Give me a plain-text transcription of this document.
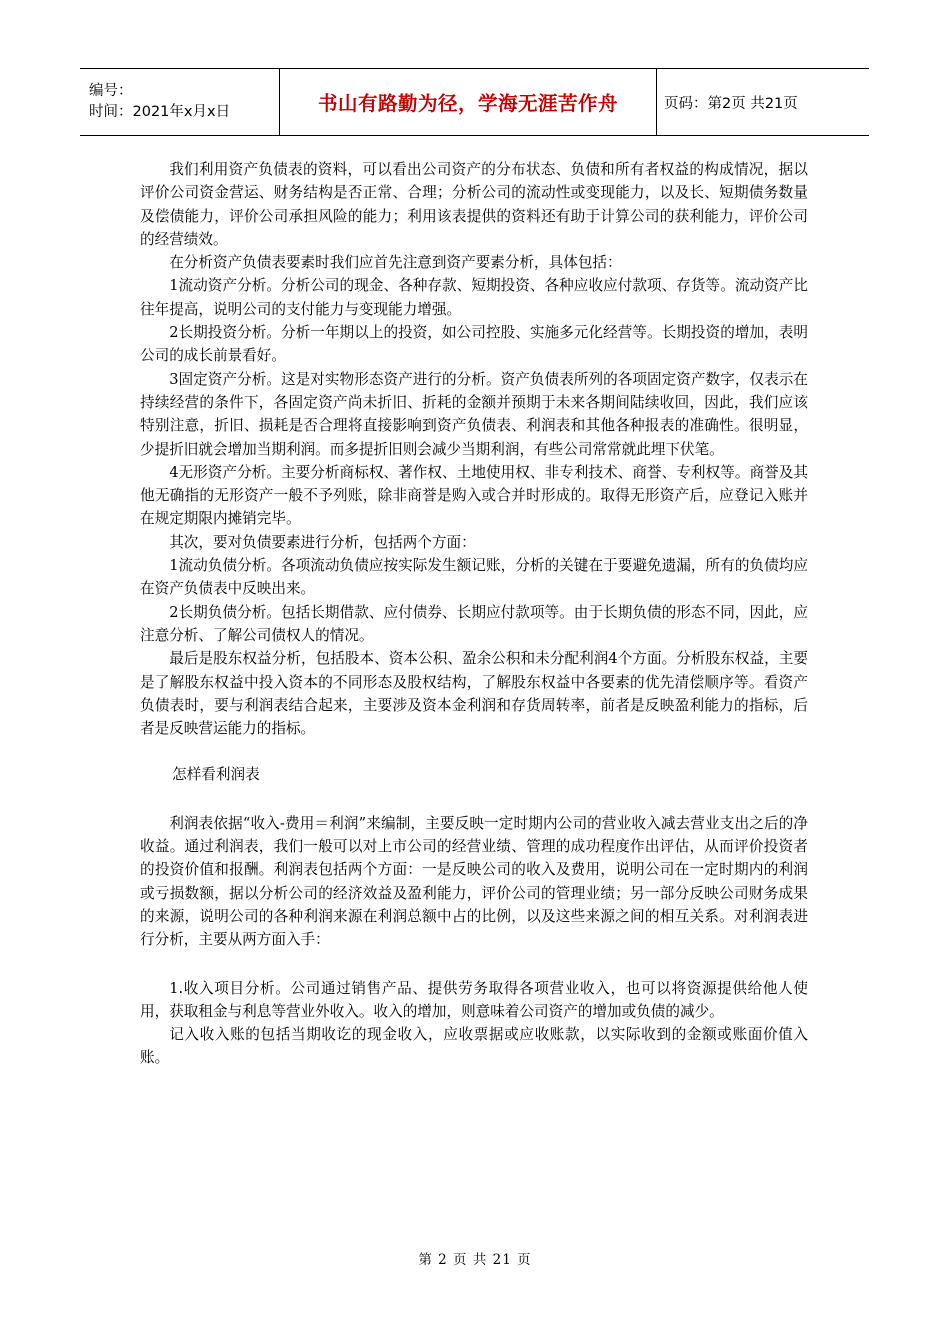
编号：
时间：2021年x月x日	书山有路勤为径，学海无涯苦作舟	页码：第2页 共21页

我们利用资产负债表的资料，可以看出公司资产的分布状态、负债和所有者权益的构成情况，据以评价公司资金营运、财务结构是否正常、合理；分析公司的流动性或变现能力，以及长、短期债务数量及偿债能力，评价公司承担风险的能力；利用该表提供的资料还有助于计算公司的获利能力，评价公司的经营绩效。

在分析资产负债表要素时我们应首先注意到资产要素分析，具体包括：

1流动资产分析。分析公司的现金、各种存款、短期投资、各种应收应付款项、存货等。流动资产比往年提高，说明公司的支付能力与变现能力增强。

2长期投资分析。分析一年期以上的投资，如公司控股、实施多元化经营等。长期投资的增加，表明公司的成长前景看好。

3固定资产分析。这是对实物形态资产进行的分析。资产负债表所列的各项固定资产数字，仅表示在持续经营的条件下，各固定资产尚未折旧、折耗的金额并预期于未来各期间陆续收回，因此，我们应该特别注意，折旧、损耗是否合理将直接影响到资产负债表、利润表和其他各种报表的准确性。很明显，少提折旧就会增加当期利润。而多提折旧则会减少当期利润，有些公司常常就此埋下伏笔。

4无形资产分析。主要分析商标权、著作权、土地使用权、非专利技术、商誉、专利权等。商誉及其他无确指的无形资产一般不予列账，除非商誉是购入或合并时形成的。取得无形资产后，应登记入账并在规定期限内摊销完毕。

其次，要对负债要素进行分析，包括两个方面：

1流动负债分析。各项流动负债应按实际发生额记账，分析的关键在于要避免遗漏，所有的负债均应在资产负债表中反映出来。

2长期负债分析。包括长期借款、应付债券、长期应付款项等。由于长期负债的形态不同，因此，应注意分析、了解公司债权人的情况。

最后是股东权益分析，包括股本、资本公积、盈余公积和未分配利润4个方面。分析股东权益，主要是了解股东权益中投入资本的不同形态及股权结构，了解股东权益中各要素的优先清偿顺序等。看资产负债表时，要与利润表结合起来，主要涉及资本金利润和存货周转率，前者是反映盈利能力的指标，后者是反映营运能力的指标。

怎样看利润表

利润表依据“收入-费用＝利润”来编制，主要反映一定时期内公司的营业收入减去营业支出之后的净收益。通过利润表，我们一般可以对上市公司的经营业绩、管理的成功程度作出评估，从而评价投资者的投资价值和报酬。利润表包括两个方面：一是反映公司的收入及费用，说明公司在一定时期内的利润或亏损数额，据以分析公司的经济效益及盈利能力，评价公司的管理业绩；另一部分反映公司财务成果的来源，说明公司的各种利润来源在利润总额中占的比例，以及这些来源之间的相互关系。对利润表进行分析，主要从两方面入手：

1.收入项目分析。公司通过销售产品、提供劳务取得各项营业收入，也可以将资源提供给他人使用，获取租金与利息等营业外收入。收入的增加，则意味着公司资产的增加或负债的减少。

记入收入账的包括当期收讫的现金收入，应收票据或应收账款，以实际收到的金额或账面价值入账。

第 2 页 共 21 页
